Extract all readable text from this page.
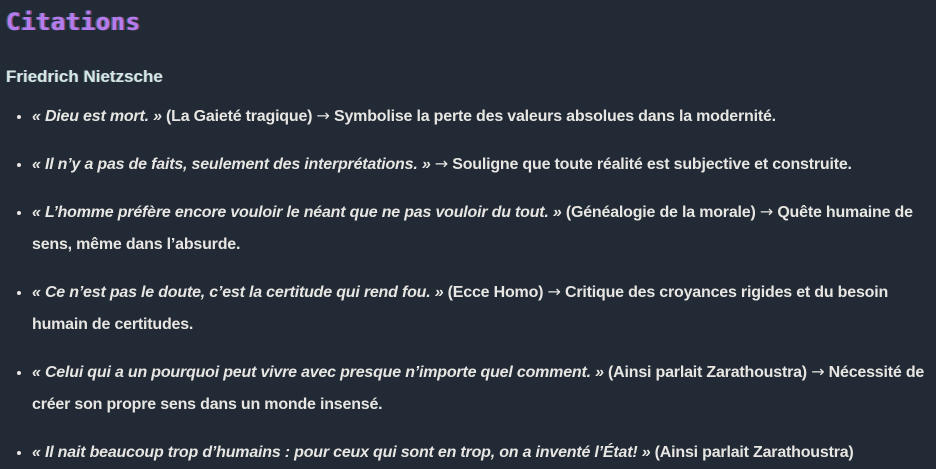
Citations
Friedrich Nietzsche
• « Dieu est mort. » (La Gaieté tragique) → Symbolise la perte des valeurs absolues dans la modernité.
• « Il n’y a pas de faits, seulement des interprétations. » → Souligne que toute réalité est subjective et construite.
• « L’homme préfère encore vouloir le néant que ne pas vouloir du tout. » (Généalogie de la morale) → Quête humaine de sens, même dans l’absurde.
• « Ce n’est pas le doute, c’est la certitude qui rend fou. » (Ecce Homo) → Critique des croyances rigides et du besoin humain de certitudes.
• « Celui qui a un pourquoi peut vivre avec presque n’importe quel comment. » (Ainsi parlait Zarathoustra) → Nécessité de créer son propre sens dans un monde insensé.
• « Il nait beaucoup trop d’humains : pour ceux qui sont en trop, on a inventé l’État! » (Ainsi parlait Zarathoustra)
